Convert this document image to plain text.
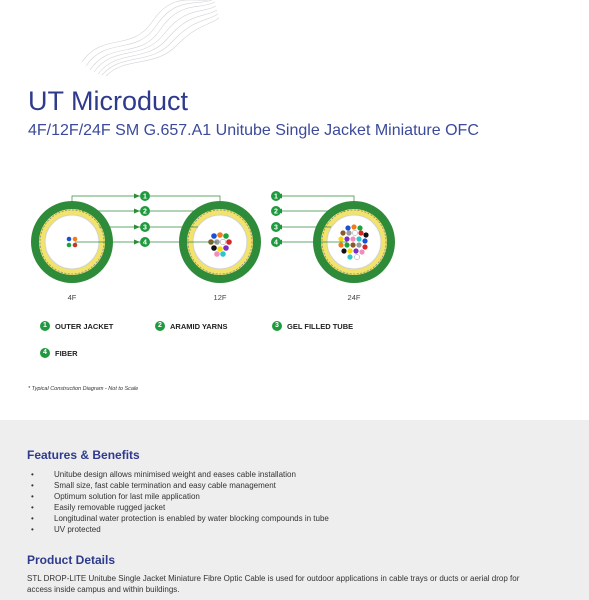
UT Microduct
4F/12F/24F SM G.657.A1 Unitube Single Jacket Miniature OFC
1
2
3
4
1
2
3
4
4F	12F	24F
1	OUTER JACKET	2	ARAMID YARNS	3	GEL FILLED TUBE
4	FIBER
* Typical Construction Diagram - Not to Scale
Features & Benefits
• Unitube design allows minimised weight and eases cable installation
• Small size, fast cable termination and easy cable management
• Optimum solution for last mile application
• Easily removable rugged jacket
• Longitudinal water protection is enabled by water blocking compounds in tube
• UV protected
Product Details
STL DROP-LITE Unitube Single Jacket Miniature Fibre Optic Cable is used for outdoor applications in cable trays or ducts or aerial drop for access inside campus and within buildings.
